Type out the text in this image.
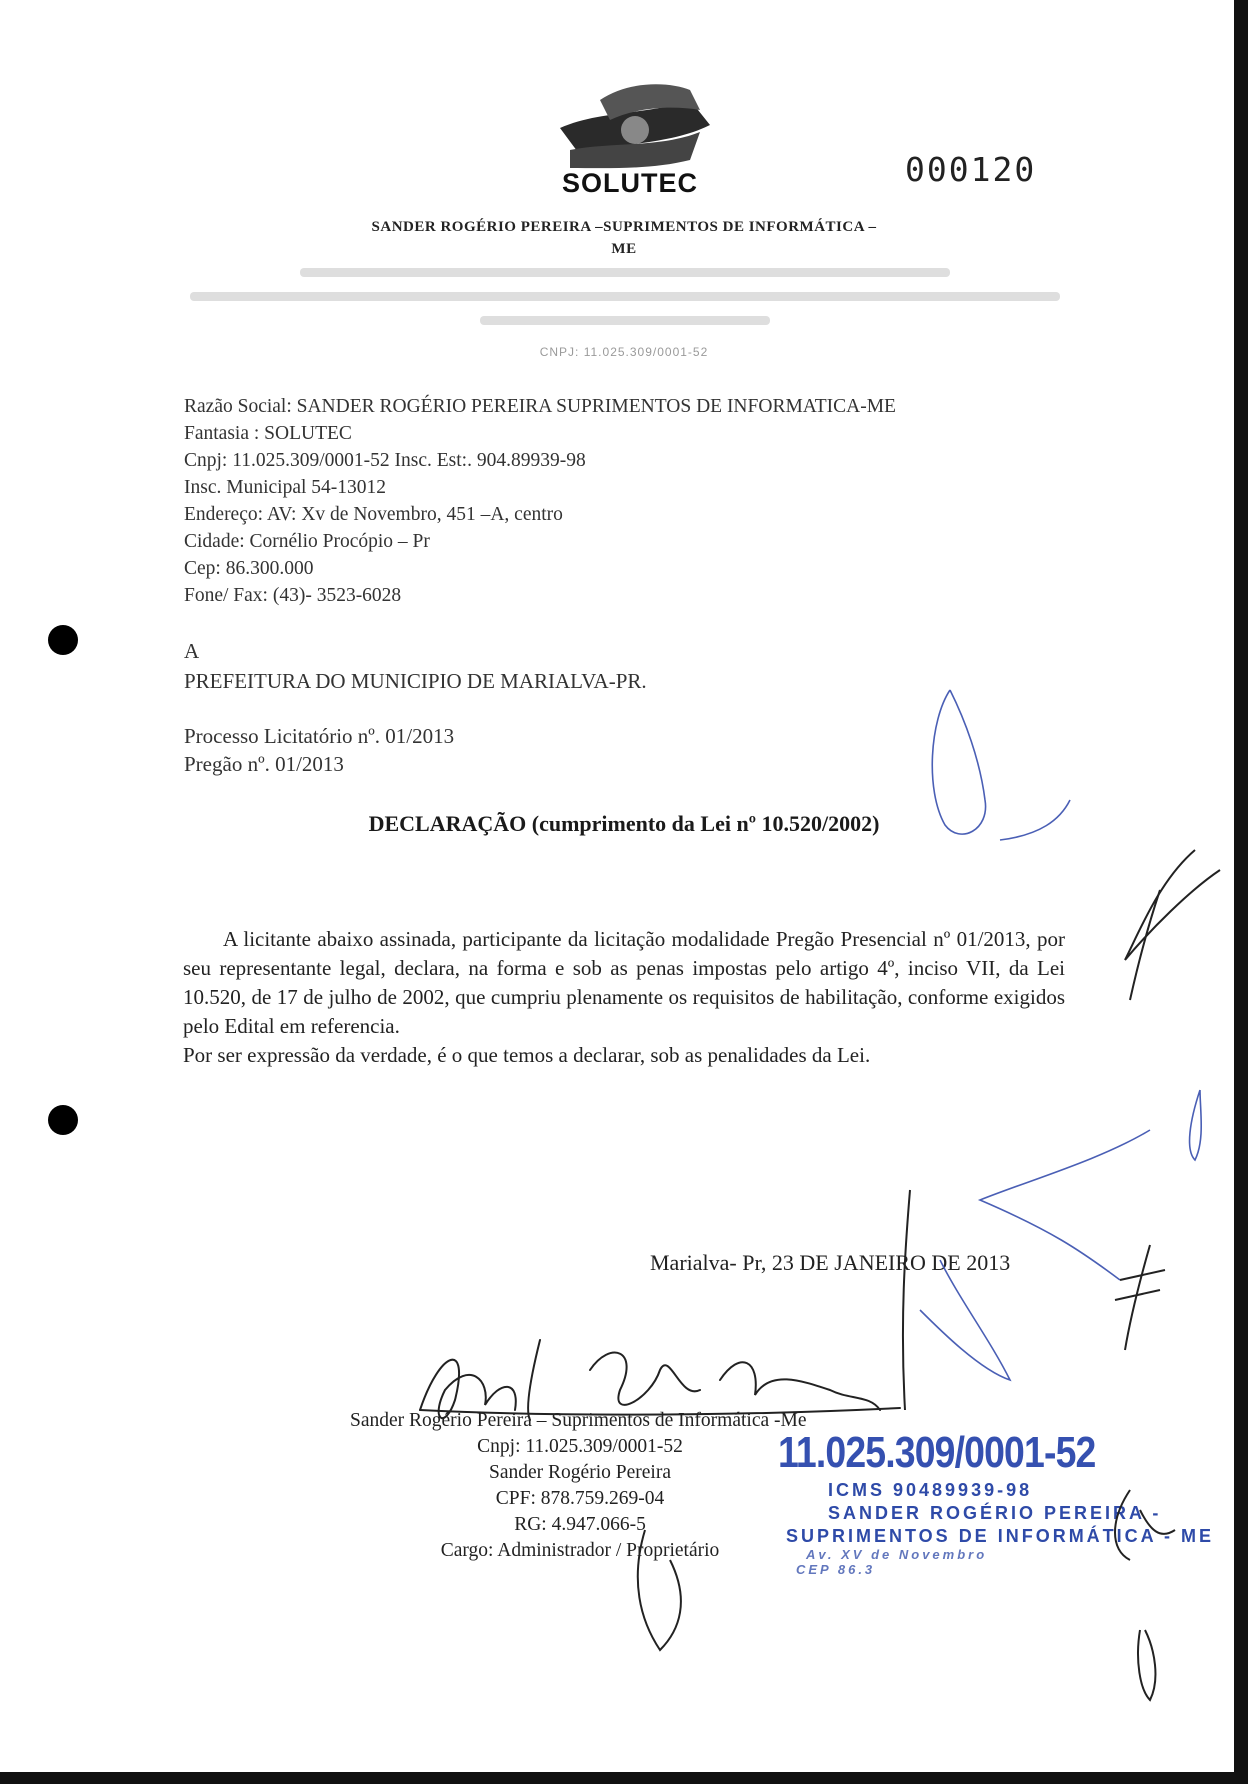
SOLUTEC	000120
SANDER ROGÉRIO PEREIRA –SUPRIMENTOS DE INFORMÁTICA –
ME
CNPJ: 11.025.309/0001-52
Razão Social: SANDER ROGÉRIO PEREIRA SUPRIMENTOS DE INFORMATICA-ME
Fantasia : SOLUTEC
Cnpj: 11.025.309/0001-52 Insc. Est:. 904.89939-98
Insc. Municipal 54-13012
Endereço: AV: Xv de Novembro, 451 –A, centro
Cidade: Cornélio Procópio – Pr
Cep: 86.300.000
Fone/ Fax: (43)- 3523-6028
A
PREFEITURA DO MUNICIPIO DE MARIALVA-PR.
Processo Licitatório nº. 01/2013
Pregão nº. 01/2013
DECLARAÇÃO (cumprimento da Lei nº 10.520/2002)
A licitante abaixo assinada, participante da licitação modalidade Pregão Presencial nº 01/2013, por seu representante legal, declara, na forma e sob as penas impostas pelo artigo 4º, inciso VII, da Lei 10.520, de 17 de julho de 2002, que cumpriu plenamente os requisitos de habilitação, conforme exigidos pelo Edital em referencia.
Por ser expressão da verdade, é o que temos a declarar, sob as penalidades da Lei.
Marialva- Pr, 23 DE JANEIRO DE 2013
Sander Rogério Pereira – Suprimentos de Informática -Me
Cnpj: 11.025.309/0001-52
Sander Rogério Pereira
CPF: 878.759.269-04
RG: 4.947.066-5
Cargo: Administrador / Proprietário
11.025.309/0001-52
ICMS 90489939-98
SANDER ROGÉRIO PEREIRA -
SUPRIMENTOS DE INFORMÁTICA - ME
Av. XV de Novembro
CEP 86.3
